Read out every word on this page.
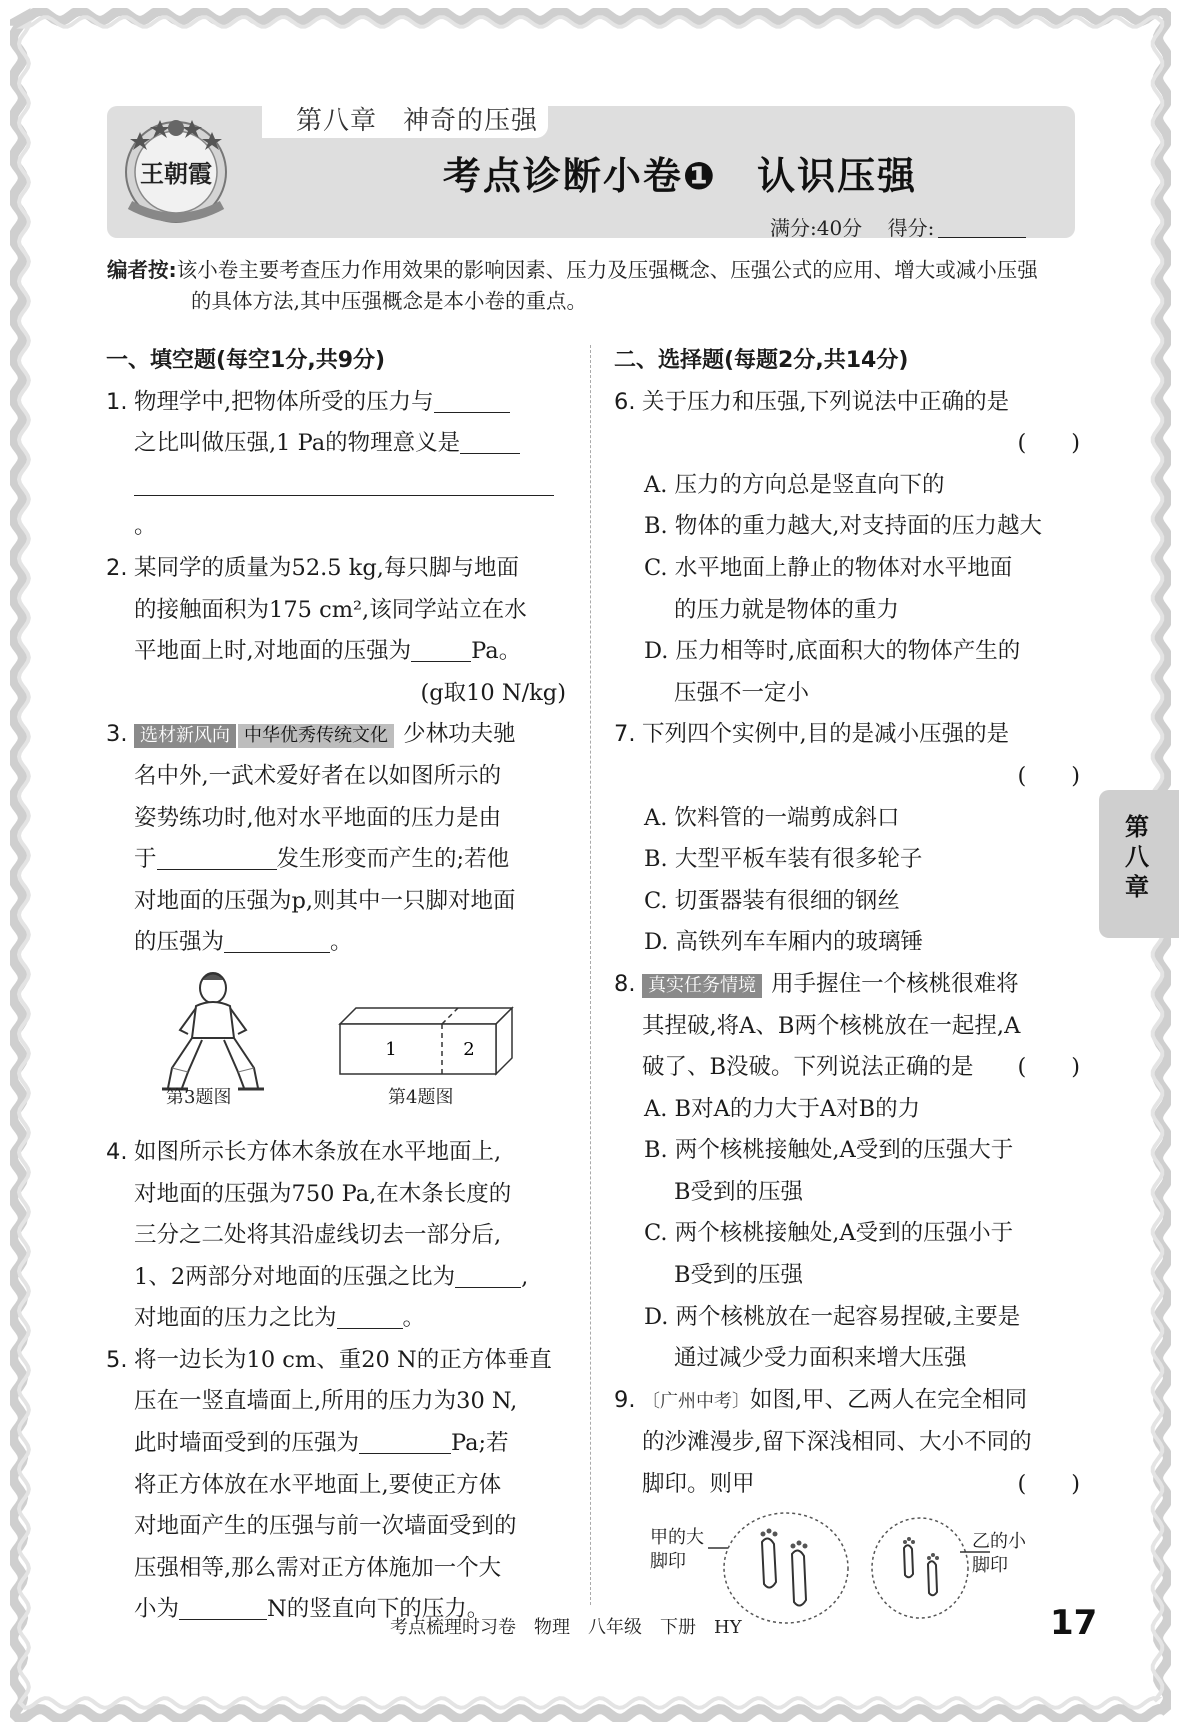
第八章 神奇的压强
王朝霞	考点诊断小卷❶　认识压强
满分:40分 得分:
编者按:该小卷主要考查压力作用效果的影响因素、压力及压强概念、压强公式的应用、增大或减小压强
的具体方法,其中压强概念是本小卷的重点。
一、填空题(每空1分,共9分)
1. 物理学中,把物体所受的压力与
之比叫做压强,1 Pa的物理意义是
。
2. 某同学的质量为52.5 kg,每只脚与地面
的接触面积为175 cm²,该同学站立在水
平地面上时,对地面的压强为	Pa。
(g取10 N/kg)
3. 选材新风向 中华优秀传统文化 少林功夫驰
名中外,一武术爱好者在以如图所示的
姿势练功时,他对水平地面的压力是由
于	发生形变而产生的;若他
对地面的压强为p,则其中一只脚对地面
的压强为	。
1	2
第3题图	第4题图
4. 如图所示长方体木条放在水平地面上,
对地面的压强为750 Pa,在木条长度的
三分之二处将其沿虚线切去一部分后,
1、2两部分对地面的压强之比为	,
对地面的压力之比为	。
5. 将一边长为10 cm、重20 N的正方体垂直
压在一竖直墙面上,所用的压力为30 N,
此时墙面受到的压强为	Pa;若
将正方体放在水平地面上,要使正方体
对地面产生的压强与前一次墙面受到的
压强相等,那么需对正方体施加一个大
小为	N的竖直向下的压力。
二、选择题(每题2分,共14分)
6. 关于压力和压强,下列说法中正确的是
(　　)
A. 压力的方向总是竖直向下的
B. 物体的重力越大,对支持面的压力越大
C. 水平地面上静止的物体对水平地面
的压力就是物体的重力
D. 压力相等时,底面积大的物体产生的
压强不一定小
7. 下列四个实例中,目的是减小压强的是
(　　)
A. 饮料管的一端剪成斜口
B. 大型平板车装有很多轮子
C. 切蛋器装有很细的钢丝
D. 高铁列车车厢内的玻璃锤
8. 真实任务情境 用手握住一个核桃很难将
其捏破,将A、B两个核桃放在一起捏,A
破了、B没破。下列说法正确的是 (　　)
A. B对A的力大于A对B的力
B. 两个核桃接触处,A受到的压强大于
B受到的压强
C. 两个核桃接触处,A受到的压强小于
B受到的压强
D. 两个核桃放在一起容易捏破,主要是
通过减少受力面积来增大压强
9. 〔广州中考〕如图,甲、乙两人在完全相同
的沙滩漫步,留下深浅相同、大小不同的
脚印。则甲	(　　)
甲的大
脚印
乙的小
脚印
第八章
考点梳理时习卷　物理　八年级　下册　HY	17
